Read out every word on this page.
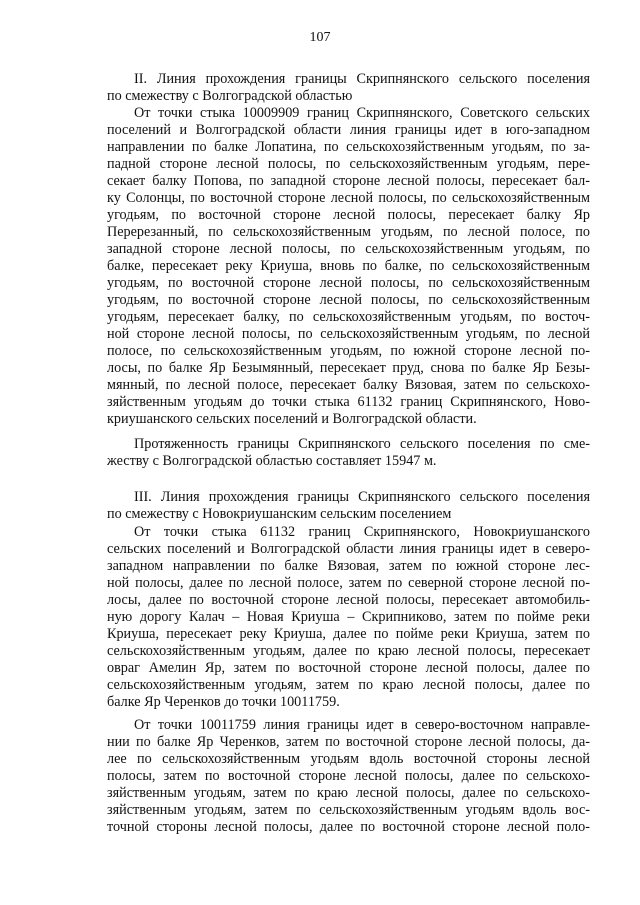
107
II. Линия прохождения границы Скрипнянского сельского поселения
по смежеству с Волгоградской областью
От точки стыка 10009909 границ Скрипнянского, Советского сельских
поселений и Волгоградской области линия границы идет в юго-западном
направлении по балке Лопатина, по сельскохозяйственным угодьям, по за-
падной стороне лесной полосы, по сельскохозяйственным угодьям, пере-
секает балку Попова, по западной стороне лесной полосы, пересекает бал-
ку Солонцы, по восточной стороне лесной полосы, по сельскохозяйственным
угодьям, по восточной стороне лесной полосы, пересекает балку Яр
Перерезанный, по сельскохозяйственным угодьям, по лесной полосе, по
западной стороне лесной полосы, по сельскохозяйственным угодьям, по
балке, пересекает реку Криуша, вновь по балке, по сельскохозяйственным
угодьям, по восточной стороне лесной полосы, по сельскохозяйственным
угодьям, по восточной стороне лесной полосы, по сельскохозяйственным
угодьям, пересекает балку, по сельскохозяйственным угодьям, по восточ-
ной стороне лесной полосы, по сельскохозяйственным угодьям, по лесной
полосе, по сельскохозяйственным угодьям, по южной стороне лесной по-
лосы, по балке Яр Безымянный, пересекает пруд, снова по балке Яр Безы-
мянный, по лесной полосе, пересекает балку Вязовая, затем по сельскохо-
зяйственным угодьям до точки стыка 61132 границ Скрипнянского, Ново-
криушанского сельских поселений и Волгоградской области.
Протяженность границы Скрипнянского сельского поселения по сме-
жеству с Волгоградской областью составляет 15947 м.
III. Линия прохождения границы Скрипнянского сельского поселения
по смежеству с Новокриушанским сельским поселением
От точки стыка 61132 границ Скрипнянского, Новокриушанского
сельских поселений и Волгоградской области линия границы идет в северо-
западном направлении по балке Вязовая, затем по южной стороне лес-
ной полосы, далее по лесной полосе, затем по северной стороне лесной по-
лосы, далее по восточной стороне лесной полосы, пересекает автомобиль-
ную дорогу Калач – Новая Криуша – Скрипниково, затем по пойме реки
Криуша, пересекает реку Криуша, далее по пойме реки Криуша, затем по
сельскохозяйственным угодьям, далее по краю лесной полосы, пересекает
овраг Амелин Яр, затем по восточной стороне лесной полосы, далее по
сельскохозяйственным угодьям, затем по краю лесной полосы, далее по
балке Яр Черенков до точки 10011759.
От точки 10011759 линия границы идет в северо-восточном направле-
нии по балке Яр Черенков, затем по восточной стороне лесной полосы, да-
лее по сельскохозяйственным угодьям вдоль восточной стороны лесной
полосы, затем по восточной стороне лесной полосы, далее по сельскохо-
зяйственным угодьям, затем по краю лесной полосы, далее по сельскохо-
зяйственным угодьям, затем по сельскохозяйственным угодьям вдоль вос-
точной стороны лесной полосы, далее по восточной стороне лесной поло-
